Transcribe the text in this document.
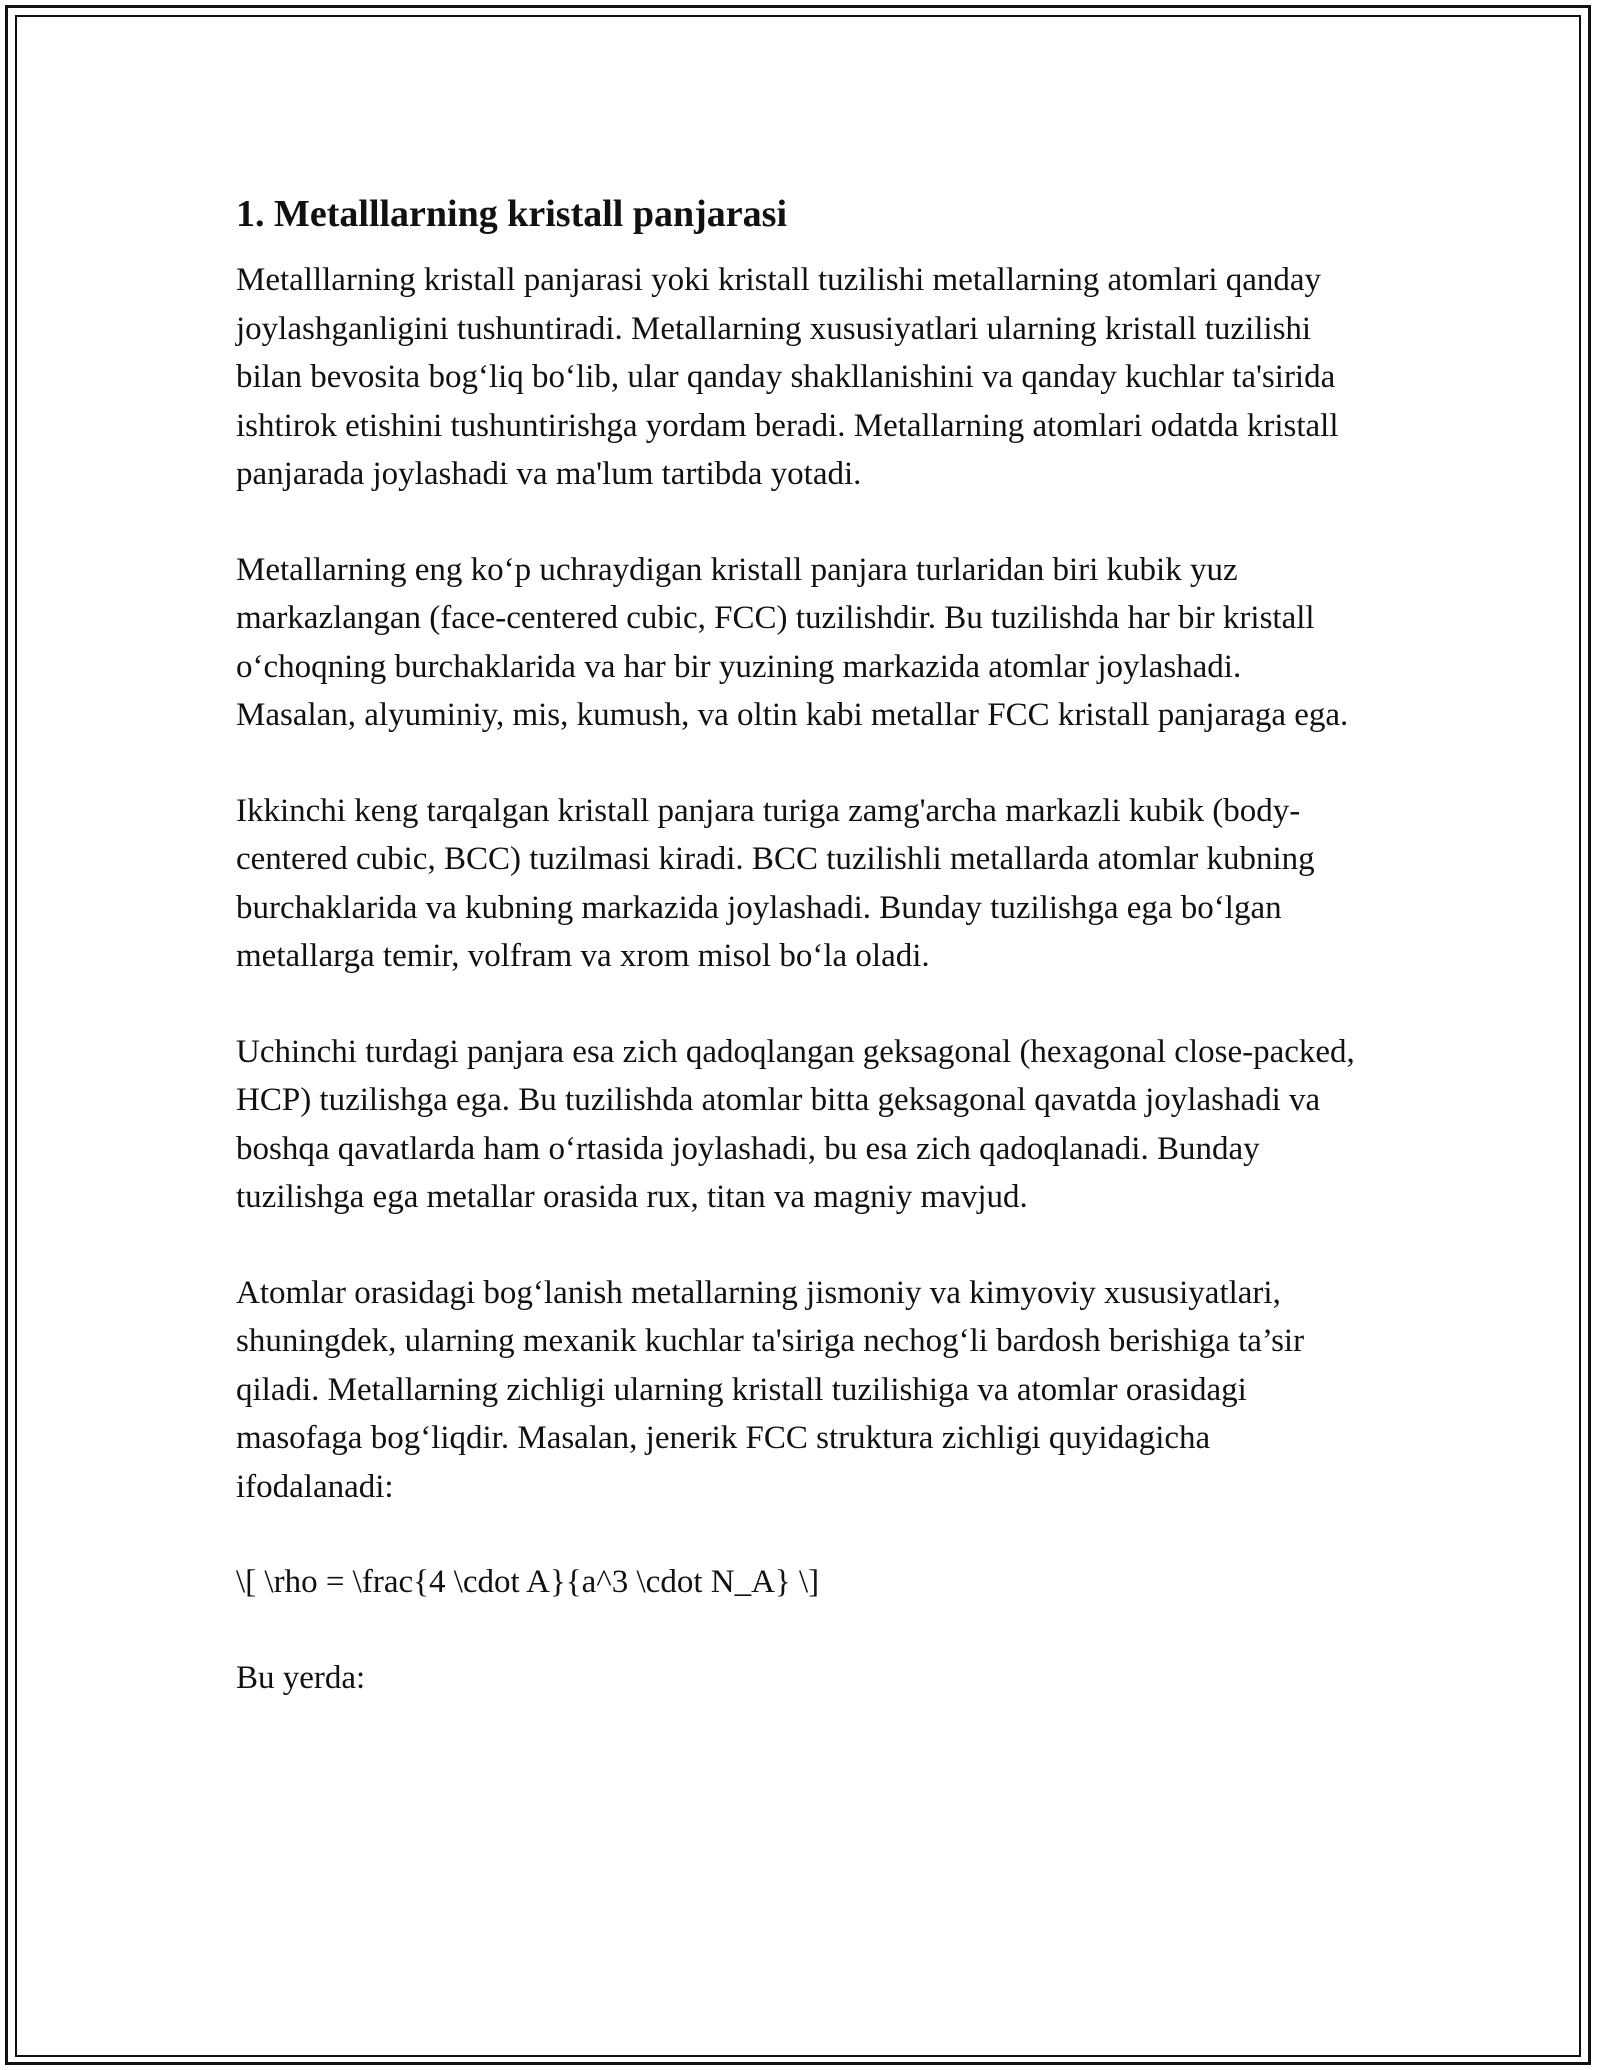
1. Metalllarning kristall panjarasi

Metalllarning kristall panjarasi yoki kristall tuzilishi metallarning atomlari qanday joylashganligini tushuntiradi. Metallarning xususiyatlari ularning kristall tuzilishi bilan bevosita bog‘liq bo‘lib, ular qanday shakllanishini va qanday kuchlar ta'sirida ishtirok etishini tushuntirishga yordam beradi. Metallarning atomlari odatda kristall panjarada joylashadi va ma'lum tartibda yotadi.

Metallarning eng ko‘p uchraydigan kristall panjara turlaridan biri kubik yuz markazlangan (face-centered cubic, FCC) tuzilishdir. Bu tuzilishda har bir kristall o‘choqning burchaklarida va har bir yuzining markazida atomlar joylashadi. Masalan, alyuminiy, mis, kumush, va oltin kabi metallar FCC kristall panjaraga ega.

Ikkinchi keng tarqalgan kristall panjara turiga zamg'archa markazli kubik (body-centered cubic, BCC) tuzilmasi kiradi. BCC tuzilishli metallarda atomlar kubning burchaklarida va kubning markazida joylashadi. Bunday tuzilishga ega bo‘lgan metallarga temir, volfram va xrom misol bo‘la oladi.

Uchinchi turdagi panjara esa zich qadoqlangan geksagonal (hexagonal close-packed, HCP) tuzilishga ega. Bu tuzilishda atomlar bitta geksagonal qavatda joylashadi va boshqa qavatlarda ham o‘rtasida joylashadi, bu esa zich qadoqlanadi. Bunday tuzilishga ega metallar orasida rux, titan va magniy mavjud.

Atomlar orasidagi bog‘lanish metallarning jismoniy va kimyoviy xususiyatlari, shuningdek, ularning mexanik kuchlar ta'siriga nechog‘li bardosh berishiga ta’sir qiladi. Metallarning zichligi ularning kristall tuzilishiga va atomlar orasidagi masofaga bog‘liqdir. Masalan, jenerik FCC struktura zichligi quyidagicha ifodalanadi:

\[ \rho = \frac{4 \cdot A}{a^3 \cdot N_A} \]

Bu yerda:
